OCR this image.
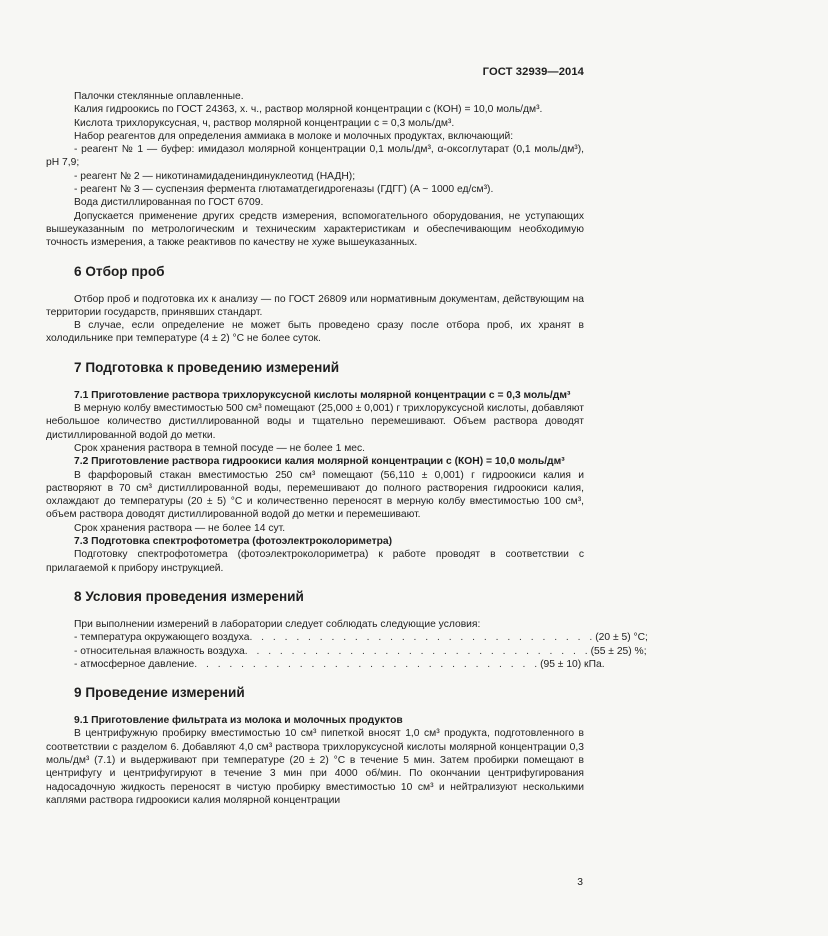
ГОСТ 32939—2014

Палочки стеклянные оплавленные.

Калия гидроокись по ГОСТ 24363, х. ч., раствор молярной концентрации c (КОН) = 10,0 моль/дм³.

Кислота трихлоруксусная, ч, раствор молярной концентрации c = 0,3 моль/дм³.

Набор реагентов для определения аммиака в молоке и молочных продуктах, включающий:

- реагент № 1 — буфер: имидазол молярной концентрации 0,1 моль/дм³, α-оксоглутарат (0,1 моль/дм³), pH 7,9;

- реагент № 2 — никотинамидадениндинуклеотид (НАДН);

- реагент № 3 — суспензия фермента глютаматдегидрогеназы (ГДГГ) (A ~ 1000 ед/см³).

Вода дистиллированная по ГОСТ 6709.

Допускается применение других средств измерения, вспомогательного оборудования, не уступающих вышеуказанным по метрологическим и техническим характеристикам и обеспечивающим необходимую точность измерения, а также реактивов по качеству не хуже вышеуказанных.

6 Отбор проб

Отбор проб и подготовка их к анализу — по ГОСТ 26809 или нормативным документам, действующим на территории государств, принявших стандарт.

В случае, если определение не может быть проведено сразу после отбора проб, их хранят в холодильнике при температуре (4 ± 2) °С не более суток.

7 Подготовка к проведению измерений

7.1 Приготовление раствора трихлоруксусной кислоты молярной концентрации c = 0,3 моль/дм³

В мерную колбу вместимостью 500 см³ помещают (25,000 ± 0,001) г трихлоруксусной кислоты, добавляют небольшое количество дистиллированной воды и тщательно перемешивают. Объем раствора доводят дистиллированной водой до метки.

Срок хранения раствора в темной посуде — не более 1 мес.

7.2 Приготовление раствора гидроокиси калия молярной концентрации c (КОН) = 10,0 моль/дм³

В фарфоровый стакан вместимостью 250 см³ помещают (56,110 ± 0,001) г гидроокиси калия и растворяют в 70 см³ дистиллированной воды, перемешивают до полного растворения гидроокиси калия, охлаждают до температуры (20 ± 5) °С и количественно переносят в мерную колбу вместимостью 100 см³, объем раствора доводят дистиллированной водой до метки и перемешивают.

Срок хранения раствора — не более 14 сут.

7.3 Подготовка спектрофотометра (фотоэлектроколориметра)

Подготовку спектрофотометра (фотоэлектроколориметра) к работе проводят в соответствии с прилагаемой к прибору инструкцией.

8 Условия проведения измерений

При выполнении измерений в лаборатории следует соблюдать следующие условия:

- температура окружающего воздуха . . . . . . . . . . . . . . . . . . . . . . . . . . . . . . (20 ± 5) °С;
- относительная влажность воздуха . . . . . . . . . . . . . . . . . . . . . . . . . . . . . . (55 ± 25) %;
- атмосферное давление . . . . . . . . . . . . . . . . . . . . . . . . . . . . . . (95 ± 10) кПа.
9 Проведение измерений

9.1 Приготовление фильтрата из молока и молочных продуктов

В центрифужную пробирку вместимостью 10 см³ пипеткой вносят 1,0 см³ продукта, подготовленного в соответствии с разделом 6. Добавляют 4,0 см³ раствора трихлоруксусной кислоты молярной концентрации 0,3 моль/дм³ (7.1) и выдерживают при температуре (20 ± 2) °С в течение 5 мин. Затем пробирки помещают в центрифугу и центрифугируют в течение 3 мин при 4000 об/мин. По окончании центрифугирования надосадочную жидкость переносят в чистую пробирку вместимостью 10 см³ и нейтрализуют несколькими каплями раствора гидроокиси калия молярной концентрации

3
